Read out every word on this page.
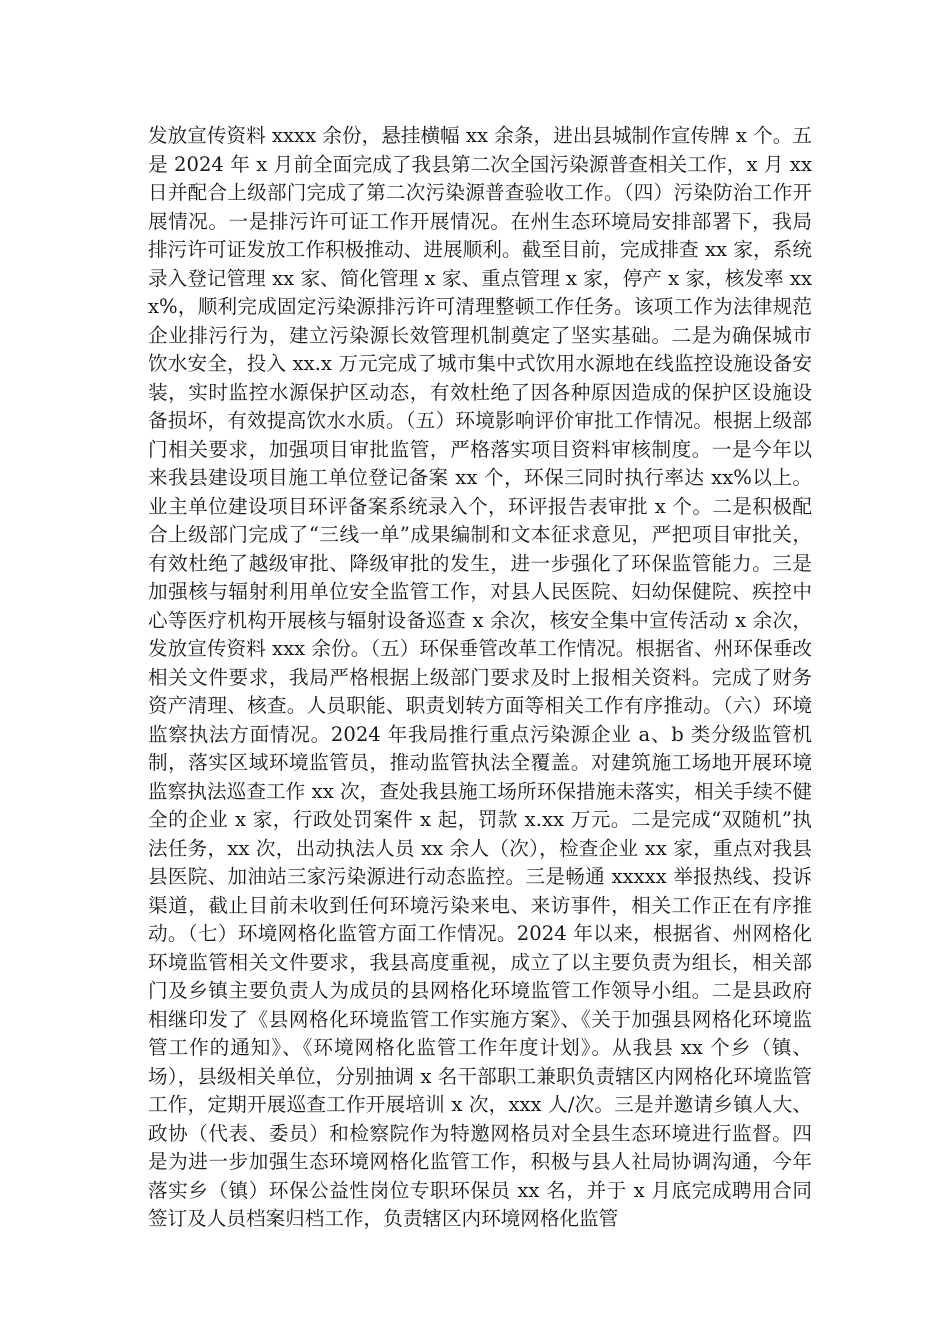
发放宣传资料 xxxx 余份，悬挂横幅 xx 余条，进出县城制作宣传牌 x 个。五是 2024 年 x 月前全面完成了我县第二次全国污染源普查相关工作，x 月 xx 日并配合上级部门完成了第二次污染源普查验收工作。（四）污染防治工作开展情况。一是排污许可证工作开展情况。在州生态环境局安排部署下，我局排污许可证发放工作积极推动、进展顺利。截至目前，完成排查 xx 家，系统录入登记管理 xx 家、简化管理 x 家、重点管理 x 家，停产 x 家，核发率 xxx%，顺利完成固定污染源排污许可清理整顿工作任务。该项工作为法律规范企业排污行为，建立污染源长效管理机制奠定了坚实基础。二是为确保城市饮水安全，投入 xx.x 万元完成了城市集中式饮用水源地在线监控设施设备安装，实时监控水源保护区动态，有效杜绝了因各种原因造成的保护区设施设备损坏，有效提高饮水水质。（五）环境影响评价审批工作情况。根据上级部门相关要求，加强项目审批监管，严格落实项目资料审核制度。一是今年以来我县建设项目施工单位登记备案 xx 个，环保三同时执行率达 xx%以上。业主单位建设项目环评备案系统录入个，环评报告表审批 x 个。二是积极配合上级部门完成了“三线一单”成果编制和文本征求意见，严把项目审批关，有效杜绝了越级审批、降级审批的发生，进一步强化了环保监管能力。三是加强核与辐射利用单位安全监管工作，对县人民医院、妇幼保健院、疾控中心等医疗机构开展核与辐射设备巡查 x 余次，核安全集中宣传活动 x 余次，发放宣传资料 xxx 余份。（五）环保垂管改革工作情况。根据省、州环保垂改相关文件要求，我局严格根据上级部门要求及时上报相关资料。完成了财务资产清理、核查。人员职能、职责划转方面等相关工作有序推动。（六）环境监察执法方面情况。2024 年我局推行重点污染源企业 a、b 类分级监管机制，落实区域环境监管员，推动监管执法全覆盖。对建筑施工场地开展环境监察执法巡查工作 xx 次，查处我县施工场所环保措施未落实，相关手续不健全的企业 x 家，行政处罚案件 x 起，罚款 x.xx 万元。二是完成“双随机”执法任务，xx 次，出动执法人员 xx 余人（次），检查企业 xx 家，重点对我县县医院、加油站三家污染源进行动态监控。三是畅通 xxxxx 举报热线、投诉渠道，截止目前未收到任何环境污染来电、来访事件，相关工作正在有序推动。（七）环境网格化监管方面工作情况。2024 年以来，根据省、州网格化环境监管相关文件要求，我县高度重视，成立了以主要负责为组长，相关部门及乡镇主要负责人为成员的县网格化环境监管工作领导小组。二是县政府相继印发了《县网格化环境监管工作实施方案》、《关于加强县网格化环境监管工作的通知》、《环境网格化监管工作年度计划》。从我县 xx 个乡（镇、场），县级相关单位，分别抽调 x 名干部职工兼职负责辖区内网格化环境监管工作，定期开展巡查工作开展培训 x 次，xxx 人/次。三是并邀请乡镇人大、政协（代表、委员）和检察院作为特邀网格员对全县生态环境进行监督。四是为进一步加强生态环境网格化监管工作，积极与县人社局协调沟通，今年落实乡（镇）环保公益性岗位专职环保员 xx 名，并于 x 月底完成聘用合同签订及人员档案归档工作，负责辖区内环境网格化监管
